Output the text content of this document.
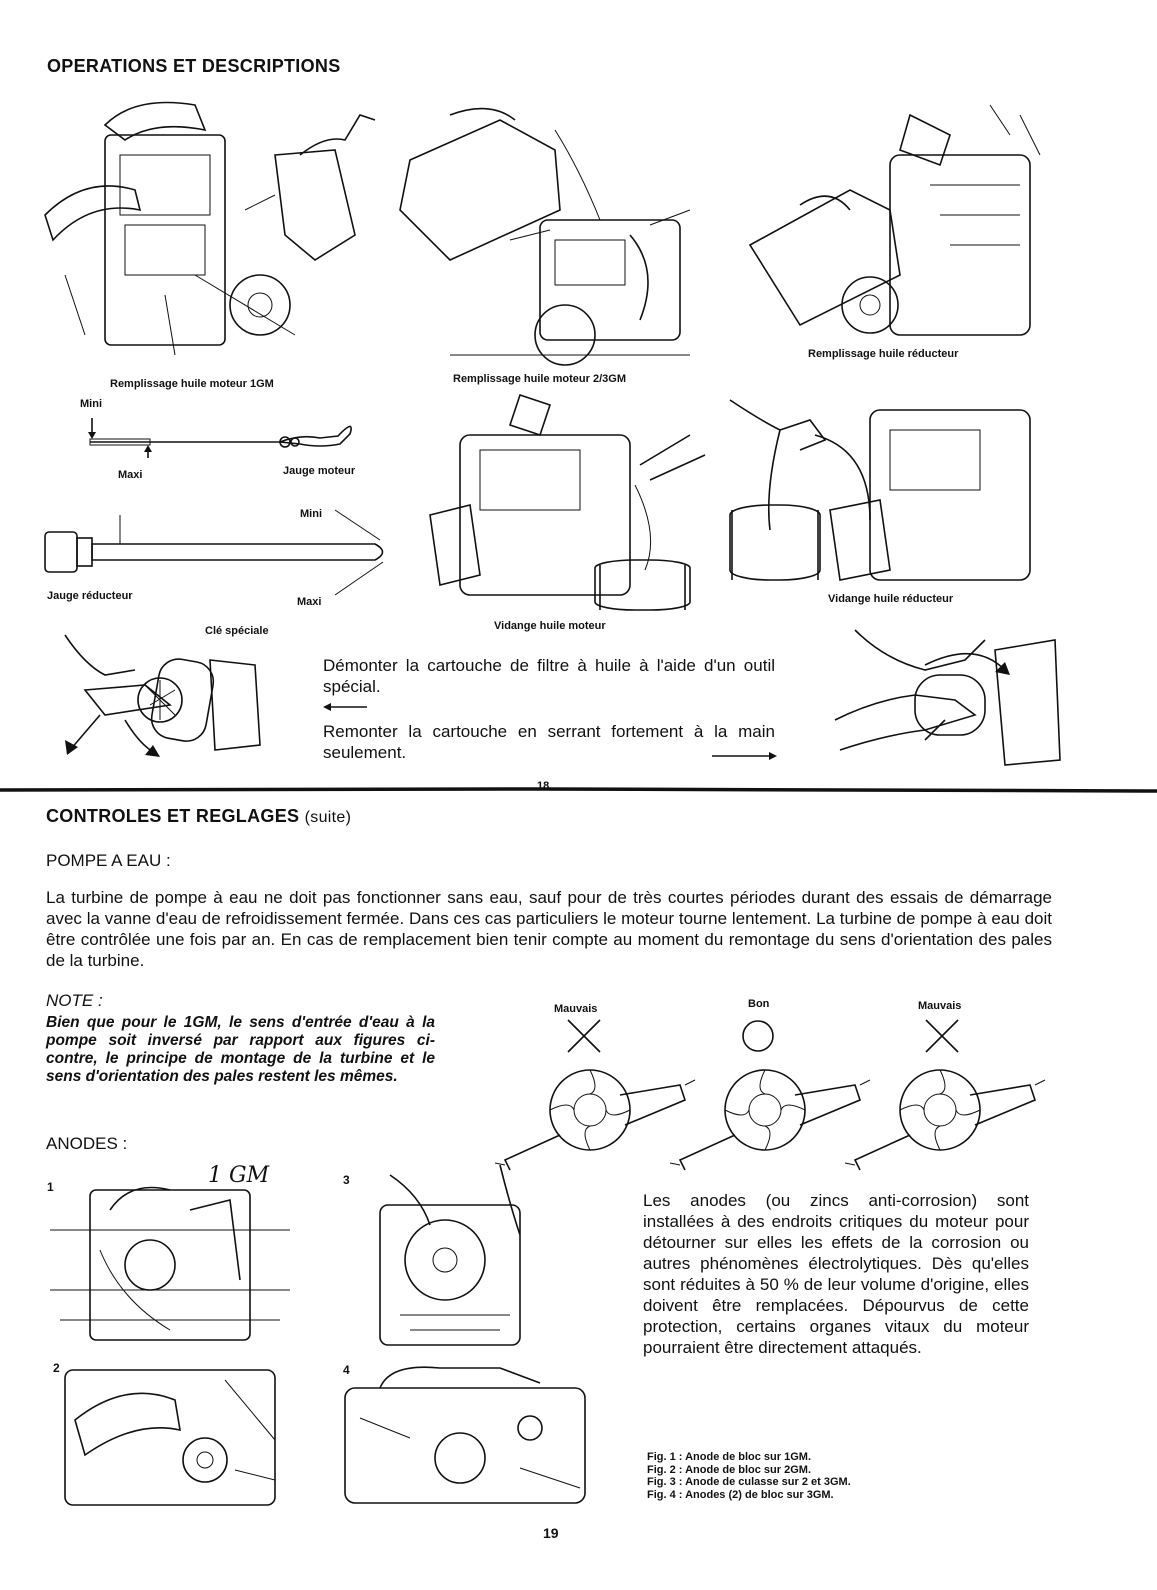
OPERATIONS ET DESCRIPTIONS
Remplissage huile moteur 1GM	Remplissage huile moteur 2/3GM
Remplissage huile réducteur
Mini
Maxi	Jauge moteur
Mini
Jauge réducteur	Maxi
Vidange huile moteur
Vidange huile réducteur
Clé spéciale
Démonter la cartouche de filtre à huile à l'aide d'un outil spécial.
Remonter la cartouche en serrant fortement à la main seulement.
18
CONTROLES ET REGLAGES (suite)
POMPE A EAU :
La turbine de pompe à eau ne doit pas fonctionner sans eau, sauf pour de très courtes périodes durant des essais de démarrage avec la vanne d'eau de refroidissement fermée. Dans ces cas particuliers le moteur tourne lentement. La turbine de pompe à eau doit être contrôlée une fois par an. En cas de remplacement bien tenir compte au moment du remontage du sens d'orientation des pales de la turbine.
NOTE :
Bien que pour le 1GM, le sens d'entrée d'eau à la pompe soit inversé par rapport aux figures ci-contre, le principe de montage de la turbine et le sens d'orientation des pales restent les mêmes.
Mauvais	Bon	Mauvais
ANODES :
1	1 GM	3
2	4
Les anodes (ou zincs anti-corrosion) sont installées à des endroits critiques du moteur pour détourner sur elles les effets de la corrosion ou autres phénomènes électrolytiques. Dès qu'elles sont réduites à 50 % de leur volume d'origine, elles doivent être remplacées. Dépourvus de cette protection, certains organes vitaux du moteur pourraient être directement attaqués.
Fig. 1 : Anode de bloc sur 1GM.
Fig. 2 : Anode de bloc sur 2GM.
Fig. 3 : Anode de culasse sur 2 et 3GM.
Fig. 4 : Anodes (2) de bloc sur 3GM.
19
